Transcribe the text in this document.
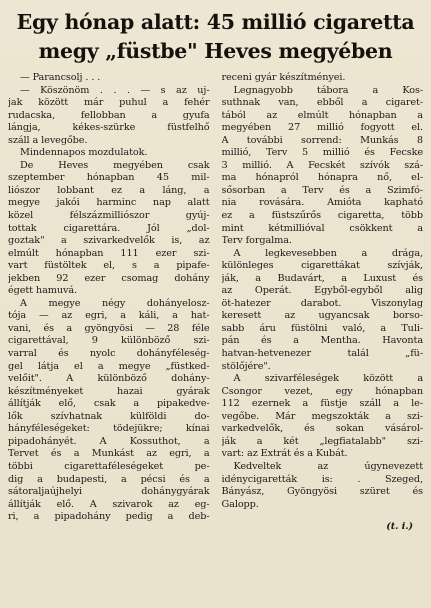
Egy hónap alatt: 45 millió cigaretta
megy „füstbe" Heves megyében
— Parancsolj . . .
— Köszönöm . . . — s az uj-
jak között már puhul a fehér
rudacska, fellobban a gyufa
lángja, kékes-szürke füstfelhő
száll a levegőbe.
Mindennapos mozdulatok.
De Heves megyében csak
szeptember hónapban 45 mil-
liószor lobbant ez a láng, a
megye jakói harminc nap alatt
közel félszázmilliószor gyúj-
tottak cigarettára. Jól „dol-
goztak" a szivarkedvelők is, az
elmúlt hónapban 111 ezer szi-
vart füstöltek el, s a pipafe-
jekben 92 ezer csomag dohány
égett hamuvá.
A megye négy dohányelosz-
tója — az egri, a káli, a hat-
vani, és a gyöngyösi — 28 féle
cigarettával, 9 különböző szi-
varral és nyolc dohányféleség-
gel látja el a megye „füstked-
velőit". A különböző dohány-
készítményeket hazai gyárak
állítják elő, csak a pipakedve-
lők szívhatnak külföldi do-
hányféleségeket: tödejükre; kínai
pipadohányét. A Kossuthot, a
Tervet és a Munkást az egri, a
többi cigarettaféleségeket pe-
dig a budapesti, a pécsi és a
sátoraljaújhelyi dohánygyárak
állítják elő. A szivarok az eg-
ri, a pipadohány pedig a deb-
receni gyár készítményei.
Legnagyobb tábora a Kos-
suthnak van, ebből a cigaret-
tából az elmúlt hónapban a
megyében 27 millió fogyott el.
A további sorrend: Munkás 8
millió, Terv 5 millió és Fecske
3 millió. A Fecskét szívók szá-
ma hónapról hónapra nő, el-
sősorban a Terv és a Szimfó-
nia rovására. Amióta kapható
ez a füstszűrős cigaretta, több
mint kétmillióval csökkent a
Terv forgalma.
A legkevesebben a drága,
különleges cigarettákat szívják,
ják, a Budavárt, a Luxust és
az Operát. Egyből-egyből alig
öt-hatezer darabot. Viszonylag
keresett az ugyancsak borso-
sabb áru füstölni való, a Tuli-
pán és a Mentha. Havonta
hatvan-hetvenezer talál „fü-
stölőjére".
A szivarféleségek között a
Csongor vezet, egy hónapban
112 ezernek a füstje száll a le-
vegőbe. Már megszokták a szi-
varkedvelők, és sokan vásárol-
ják a két „legfiatalabb" szi-
vart: az Extrát és a Kubát.
Kedveltek az úgynevezett
idénycigaretták is: . Szeged,
Bányász, Gyöngyösi szüret és
Galopp.
(t. i.)
